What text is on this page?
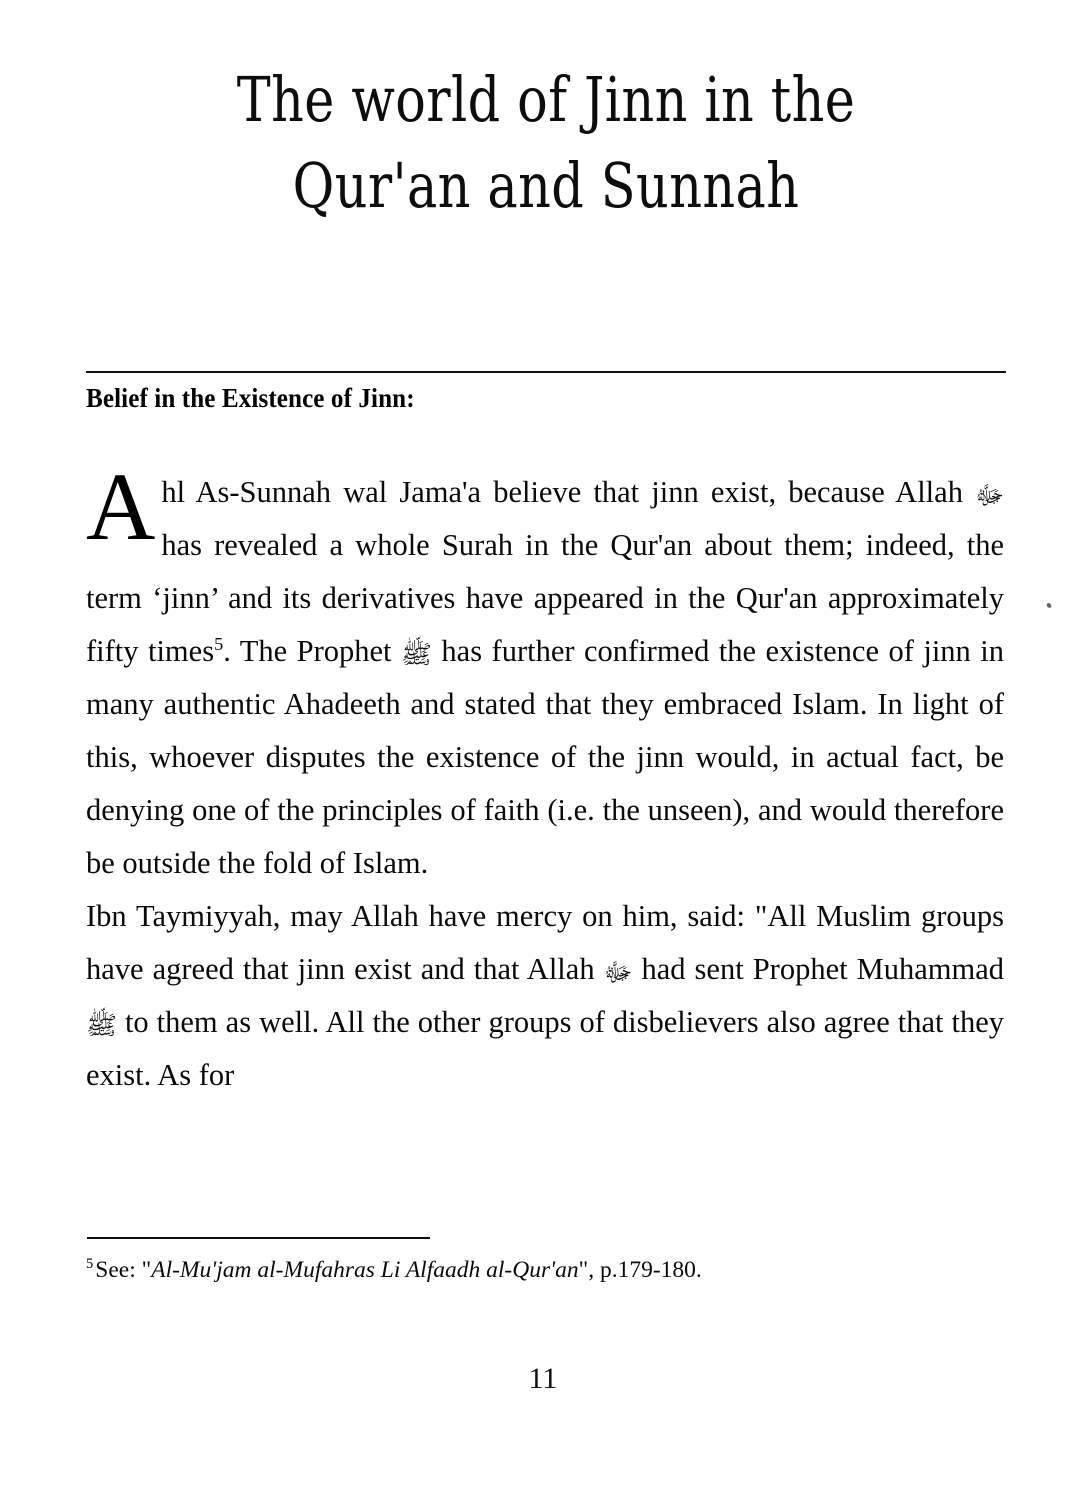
The world of Jinn in the
Qur'an and Sunnah
Belief in the Existence of Jinn:

Ahl As-Sunnah wal Jama'a believe that jinn exist, because Allah ﷻ has revealed a whole Surah in the Qur'an about them; indeed, the term ‘jinn’ and its derivatives have appeared in the Qur'an approximately fifty times$^5$. The Prophet ﷺ has further confirmed the existence of jinn in many authentic Ahadeeth and stated that they embraced Islam. In light of this, whoever disputes the existence of the jinn would, in actual fact, be denying one of the principles of faith (i.e. the unseen), and would therefore be outside the fold of Islam.

Ibn Taymiyyah, may Allah have mercy on him, said: "All Muslim groups have agreed that jinn exist and that Allah ﷻ had sent Prophet Muhammad ﷺ to them as well. All the other groups of disbelievers also agree that they exist. As for

$^5$See: "Al-Mu'jam al-Mufahras Li Alfaadh al-Qur'an", p.179-180.
11
